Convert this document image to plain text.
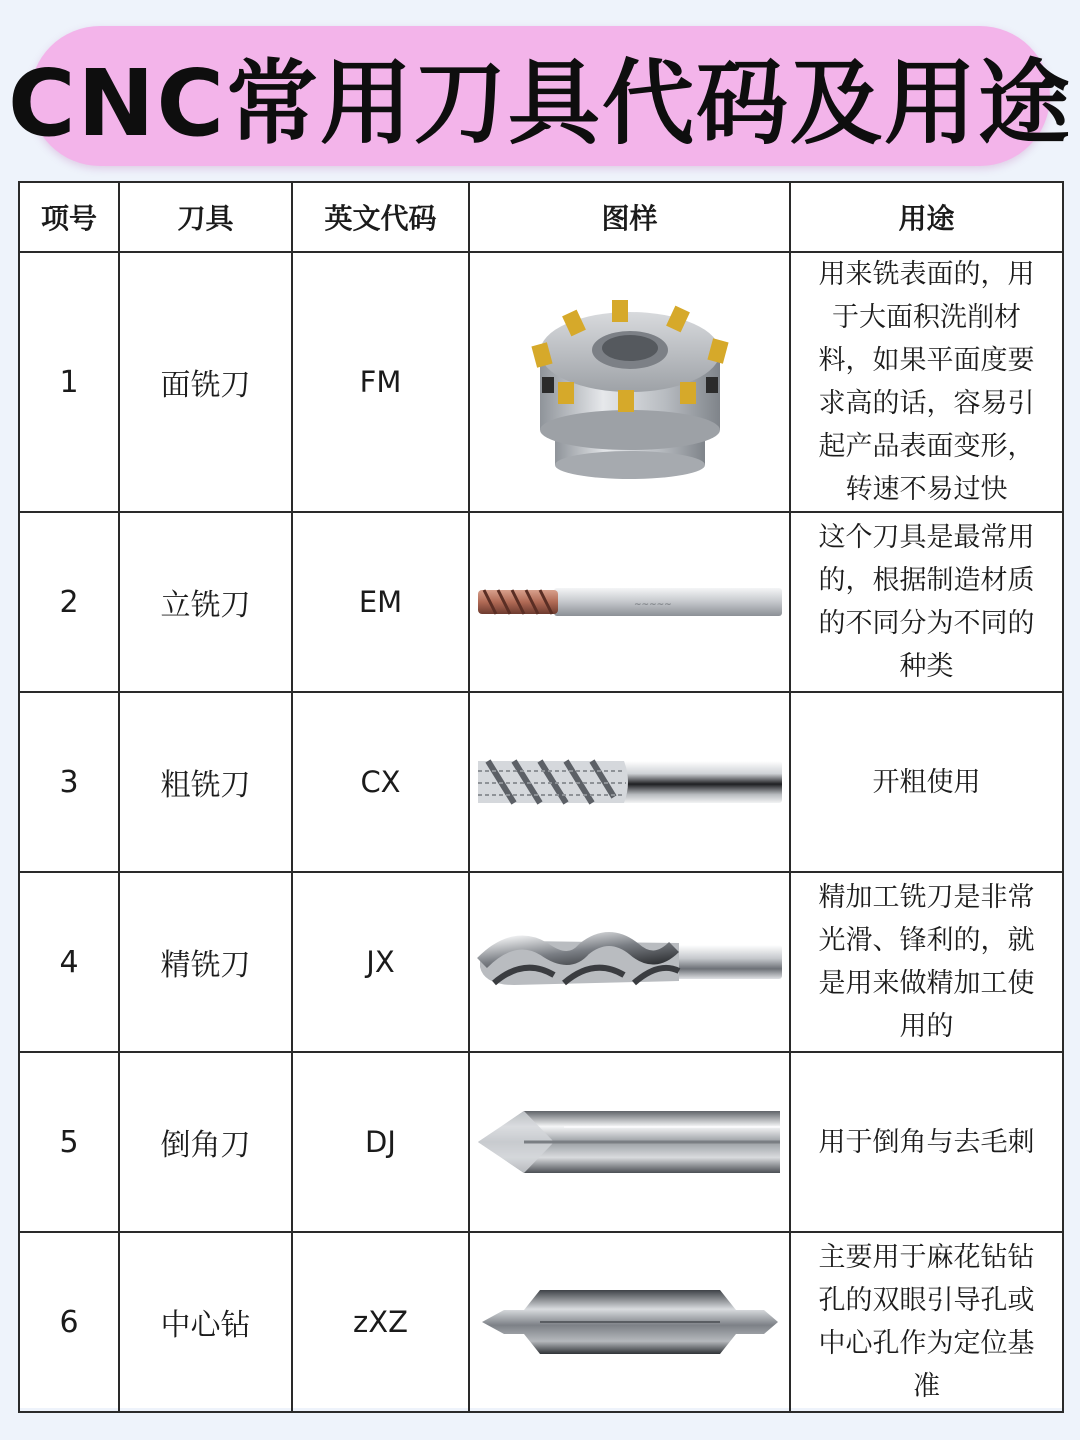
CNC常用刀具代码及用途
项号	刀具	英文代码	图样	用途
1	面铣刀	FM		用来铣表面的，用于大面积洗削材料，如果平面度要求高的话，容易引起产品表面变形，转速不易过快
2	立铣刀	EM	~~~~~	这个刀具是最常用的，根据制造材质的不同分为不同的种类
3	粗铣刀	CX		开粗使用
4	精铣刀	JX		精加工铣刀是非常光滑、锋利的，就是用来做精加工使用的
5	倒角刀	DJ		用于倒角与去毛刺
6	中心钻	zXZ		主要用于麻花钻钻孔的双眼引导孔或中心孔作为定位基准
